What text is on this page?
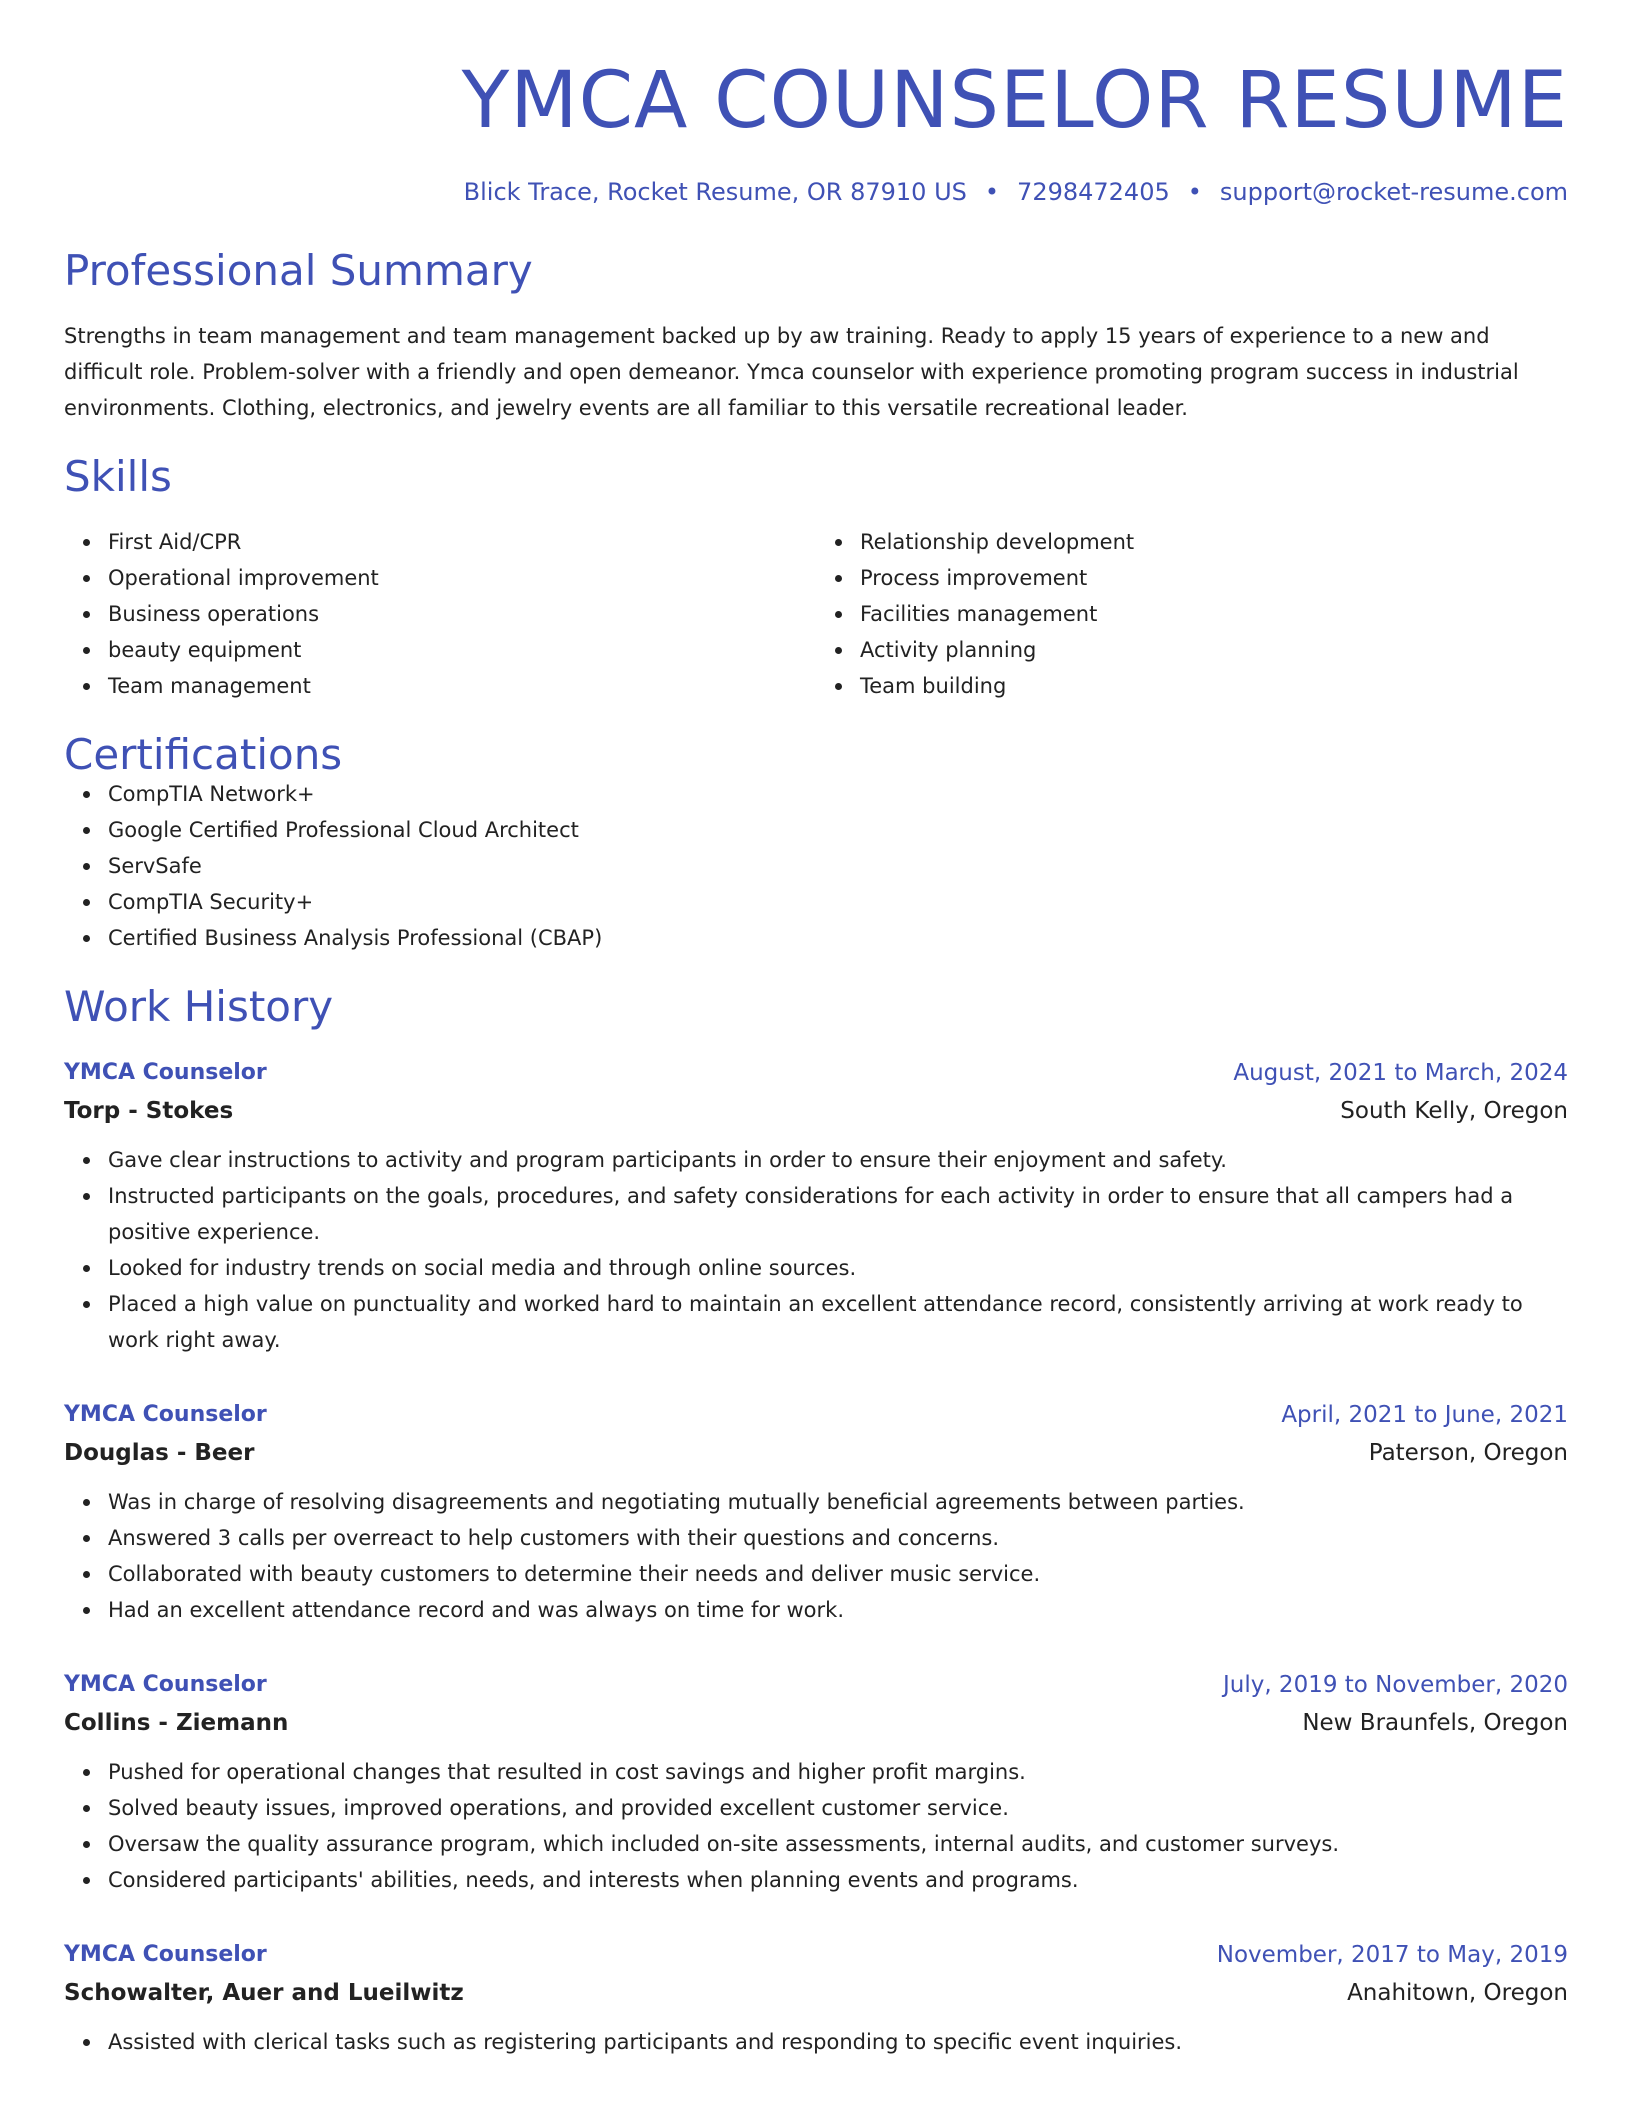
YMCA COUNSELOR RESUME
Blick Trace, Rocket Resume, OR 87910 US • 7298472405 • support@rocket-resume.com
Professional Summary
Strengths in team management and team management backed up by aw training. Ready to apply 15 years of experience to a new and difficult role. Problem-solver with a friendly and open demeanor. Ymca counselor with experience promoting program success in industrial environments. Clothing, electronics, and jewelry events are all familiar to this versatile recreational leader.
Skills
First Aid/CPR
Operational improvement
Business operations
beauty equipment
Team management
Relationship development
Process improvement
Facilities management
Activity planning
Team building
Certifications
CompTIA Network+
Google Certified Professional Cloud Architect
ServSafe
CompTIA Security+
Certified Business Analysis Professional (CBAP)
Work History
YMCA Counselor	August, 2021 to March, 2024
Torp - Stokes	South Kelly, Oregon
Gave clear instructions to activity and program participants in order to ensure their enjoyment and safety.
Instructed participants on the goals, procedures, and safety considerations for each activity in order to ensure that all campers had a positive experience.
Looked for industry trends on social media and through online sources.
Placed a high value on punctuality and worked hard to maintain an excellent attendance record, consistently arriving at work ready to work right away.
YMCA Counselor	April, 2021 to June, 2021
Douglas - Beer	Paterson, Oregon
Was in charge of resolving disagreements and negotiating mutually beneficial agreements between parties.
Answered 3 calls per overreact to help customers with their questions and concerns.
Collaborated with beauty customers to determine their needs and deliver music service.
Had an excellent attendance record and was always on time for work.
YMCA Counselor	July, 2019 to November, 2020
Collins - Ziemann	New Braunfels, Oregon
Pushed for operational changes that resulted in cost savings and higher profit margins.
Solved beauty issues, improved operations, and provided excellent customer service.
Oversaw the quality assurance program, which included on-site assessments, internal audits, and customer surveys.
Considered participants' abilities, needs, and interests when planning events and programs.
YMCA Counselor	November, 2017 to May, 2019
Schowalter, Auer and Lueilwitz	Anahitown, Oregon
Assisted with clerical tasks such as registering participants and responding to specific event inquiries.
